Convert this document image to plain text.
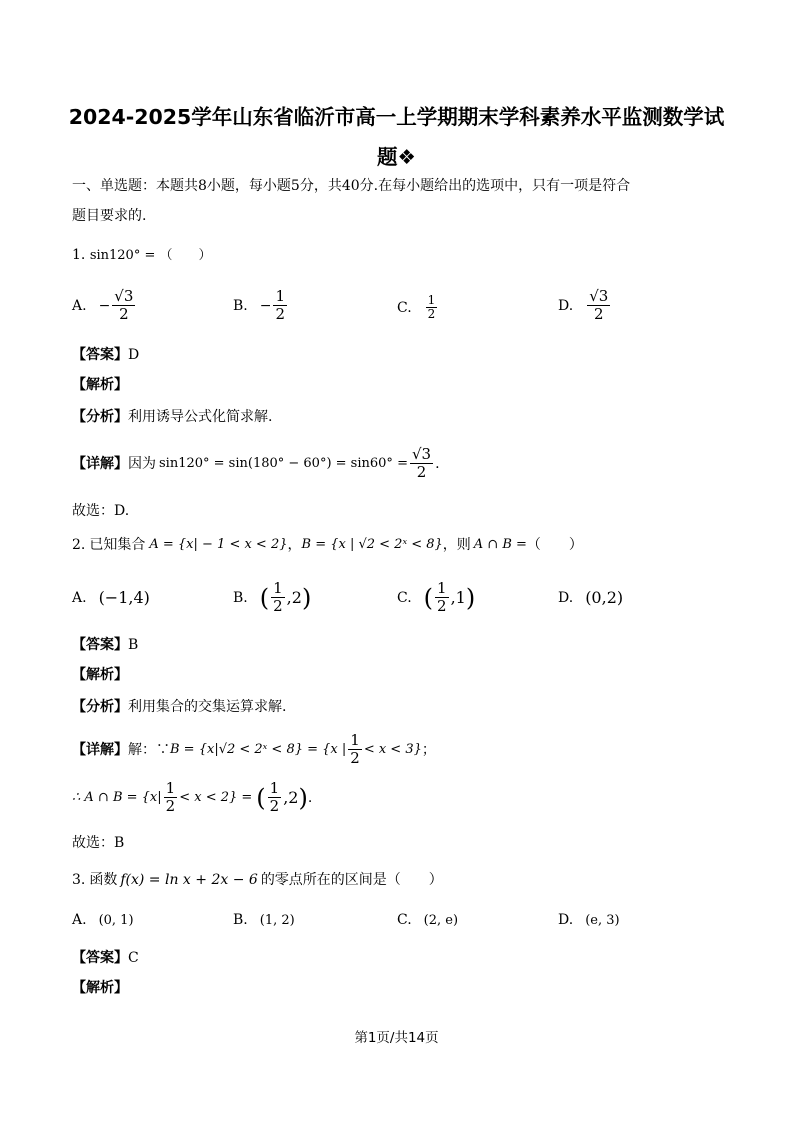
2024-2025学年山东省临沂市高一上学期期末学科素养水平监测数学试
题❖
一、单选题：本题共8小题，每小题5分，共40分.在每小题给出的选项中，只有一项是符合
题目要求的.
1. sin120° = （　　）
A. − $\frac{√3}{2}$	B. − $\frac{1}{2}$	C. $\frac{1}{2}$	D. $\frac{√3}{2}$
【答案】D
【解析】
【分析】利用诱导公式化简求解.
【详解】 因为 $\sin 120^\circ = \sin(180^\circ - 60^\circ) = \sin 60^\circ = \frac{√3}{2}$ .
故选：D.
2. 已知集合 A = {x| − 1 < x < 2} ， B = {x | √2 < 2ˣ < 8} ，则 A ∩ B = （　　）
A. (−1,4)	B. ( $\frac{1}{2} ,2$ )	C. ( $\frac{1}{2} ,1$ )	D. (0,2)
【答案】B
【解析】
【分析】利用集合的交集运算求解.
【详解】 解：∵ B = {x|√2 < 2ˣ < 8} = {x | $\frac{1}{2} < x < 3$} ；
∴ A ∩ $B = \{x| \frac{1}{2} < x < 2\}$ = ( $\frac{1}{2} ,2$ ) .
故选：B
3. 函数 f(x) = ln x + 2x − 6 的零点所在的区间是（　　）
A. (0, 1)	B. (1, 2)	C. (2, e)	D. (e, 3)
【答案】C
【解析】
第1页/共14页
